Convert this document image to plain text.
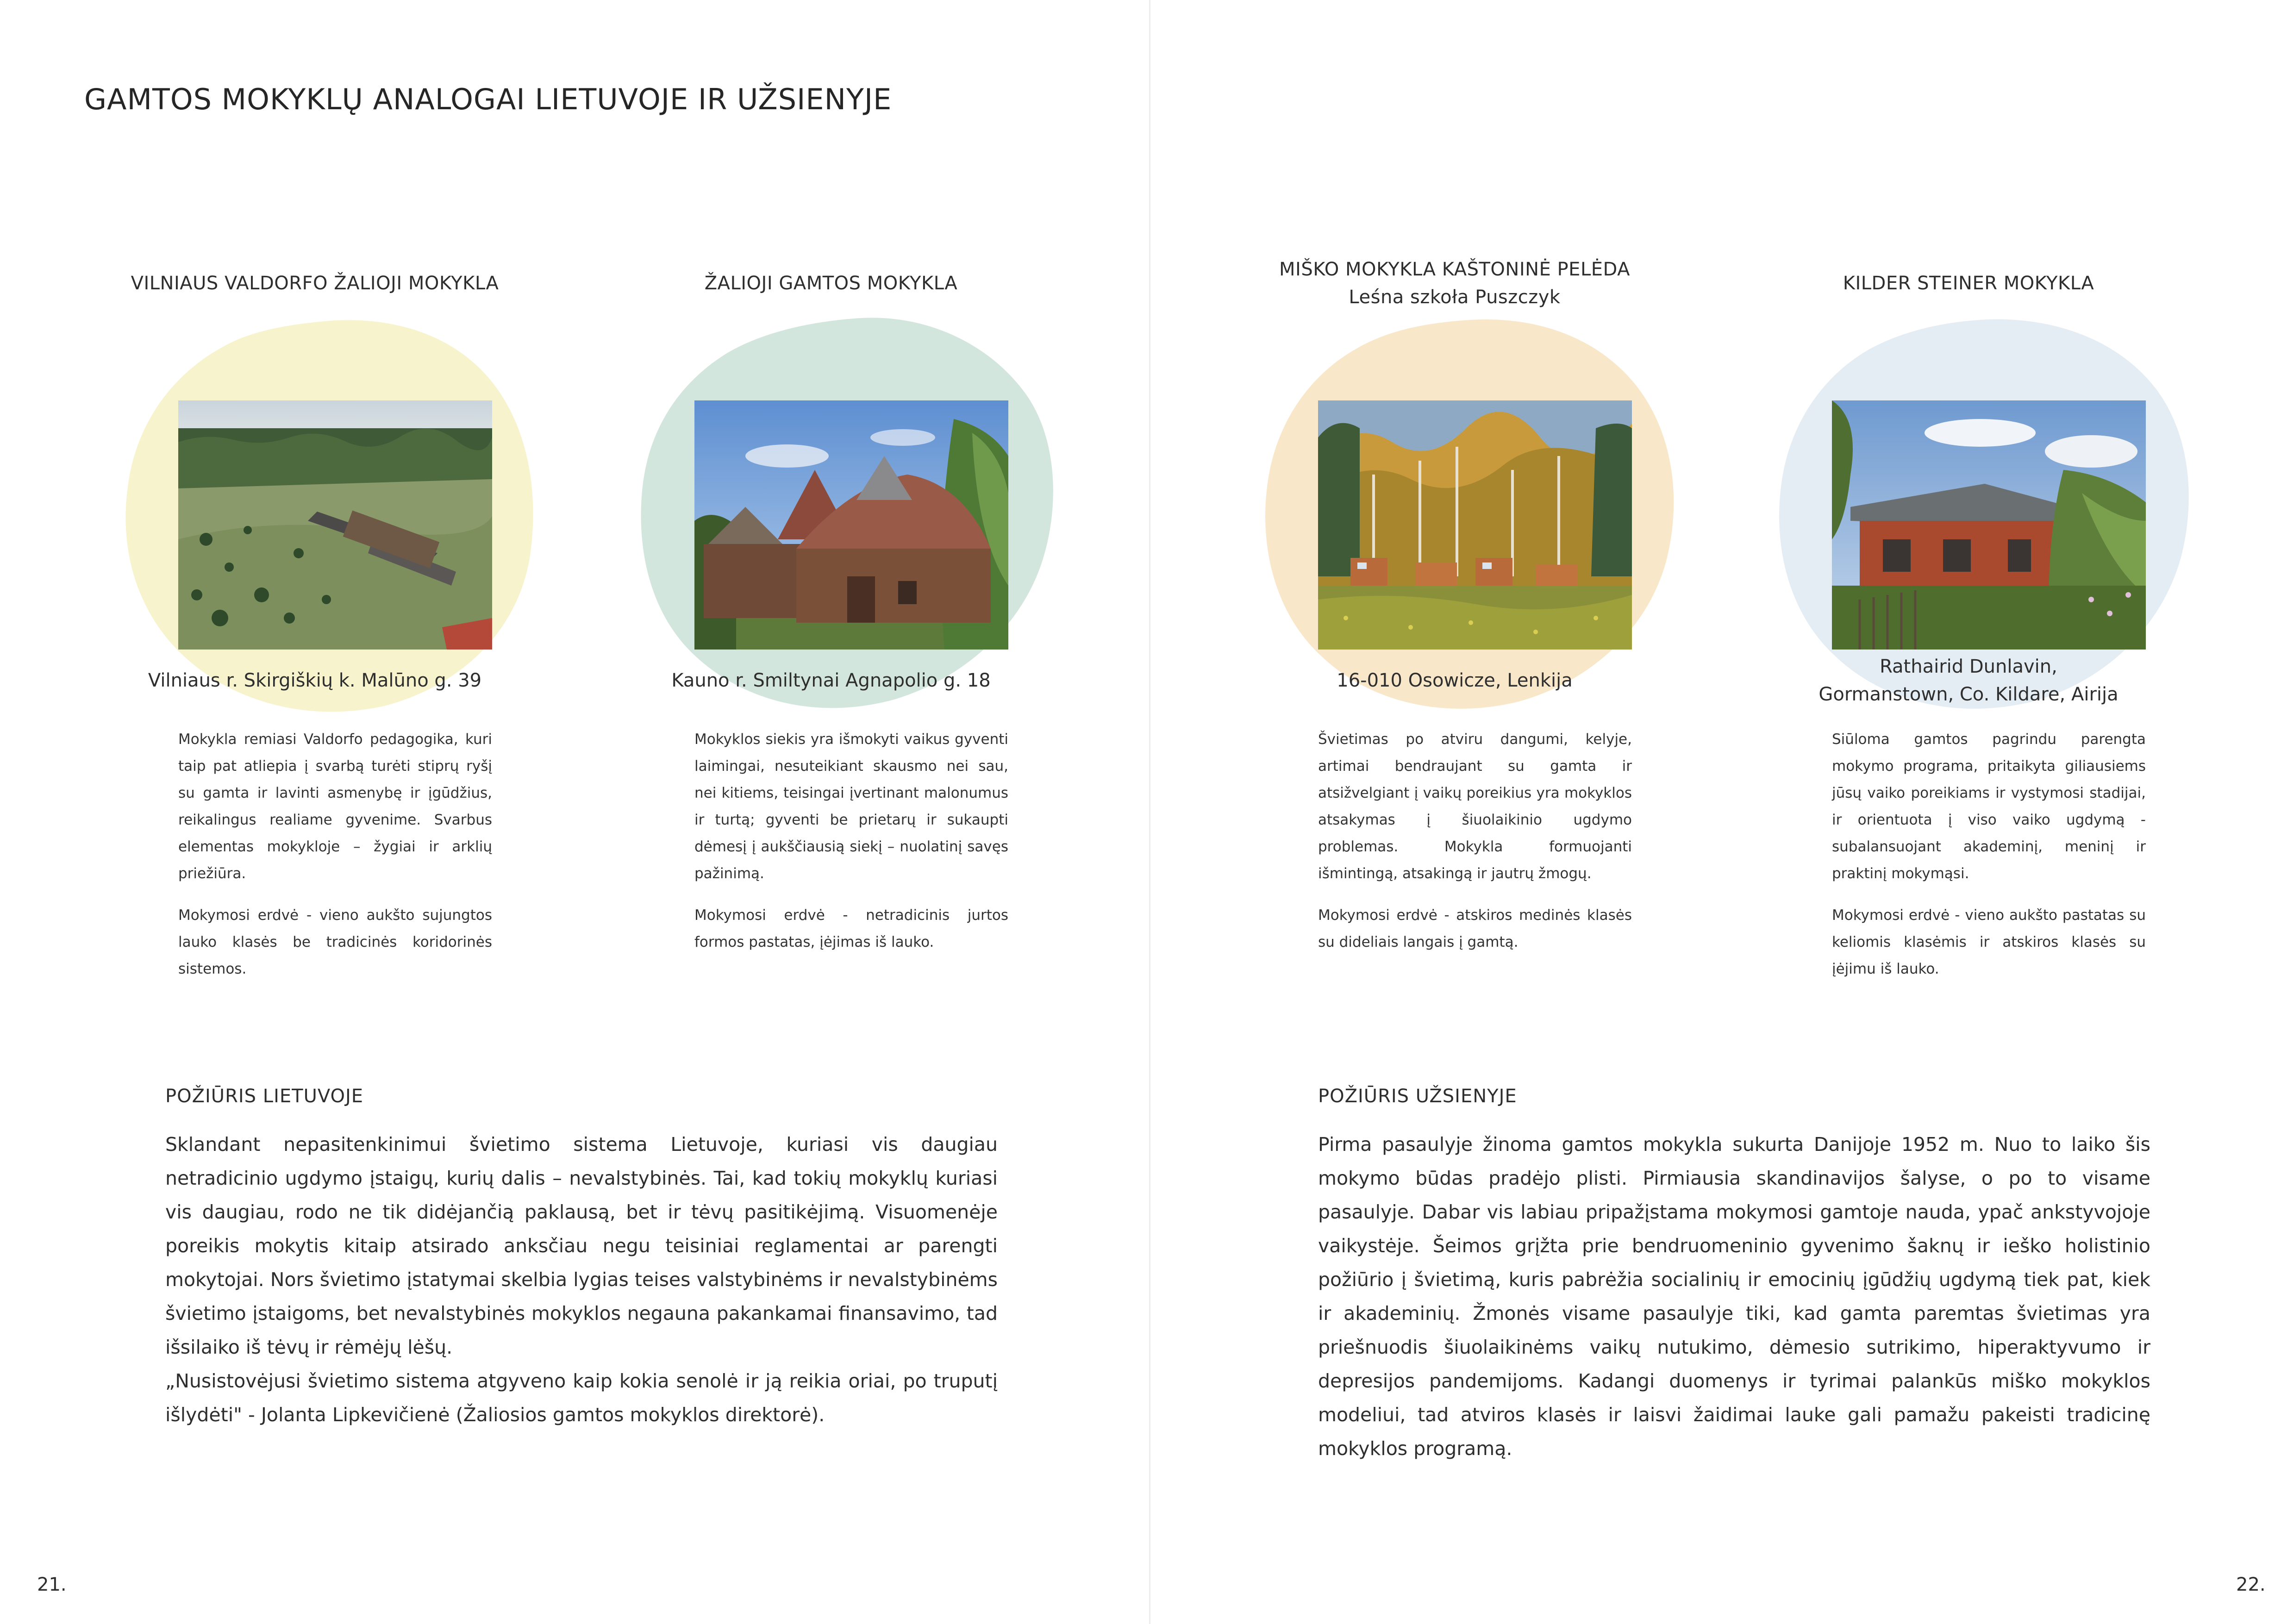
GAMTOS MOKYKLŲ ANALOGAI LIETUVOJE IR UŽSIENYJE
VILNIAUS VALDORFO ŽALIOJI MOKYKLA
Vilniaus r. Skirgiškių k. Malūno g. 39

Mokykla remiasi Valdorfo pedagogika, kuri taip pat atliepia į svarbą turėti stiprų ryšį su gamta ir lavinti asmenybę ir įgūdžius, reikalingus realiame gyvenime. Svarbus elementas mokykloje – žygiai ir arklių priežiūra.

Mokymosi erdvė - vieno aukšto sujungtos lauko klasės be tradicinės koridorinės sistemos.

ŽALIOJI GAMTOS MOKYKLA
Kauno r. Smiltynai Agnapolio g. 18

Mokyklos siekis yra išmokyti vaikus gyventi laimingai, nesuteikiant skausmo nei sau, nei kitiems, teisingai įvertinant malonumus ir turtą; gyventi be prietarų ir sukaupti dėmesį į aukščiausią siekį – nuolatinį savęs pažinimą.

Mokymosi erdvė - netradicinis jurtos formos pastatas, įėjimas iš lauko.

MIŠKO MOKYKLA KAŠTONINĖ PELĖDA
Leśna szkoła Puszczyk
16-010 Osowicze, Lenkija

Švietimas po atviru dangumi, kelyje, artimai bendraujant su gamta ir atsižvelgiant į vaikų poreikius yra mokyklos atsakymas į šiuolaikinio ugdymo problemas. Mokykla formuojanti išmintingą, atsakingą ir jautrų žmogų.

Mokymosi erdvė - atskiros medinės klasės su dideliais langais į gamtą.

KILDER STEINER MOKYKLA
Rathairid Dunlavin,
Gormanstown, Co. Kildare, Airija

Siūloma gamtos pagrindu parengta mokymo programa, pritaikyta giliausiems jūsų vaiko poreikiams ir vystymosi stadijai, ir orientuota į viso vaiko ugdymą - subalansuojant akademinį, meninį ir praktinį mokymąsi.

Mokymosi erdvė - vieno aukšto pastatas su keliomis klasėmis ir atskiros klasės su įėjimu iš lauko.

POŽIŪRIS LIETUVOJE

Sklandant nepasitenkinimui švietimo sistema Lietuvoje, kuriasi vis daugiau netradicinio ugdymo įstaigų, kurių dalis – nevalstybinės. Tai, kad tokių mokyklų kuriasi vis daugiau, rodo ne tik didėjančią paklausą, bet ir tėvų pasitikėjimą. Visuomenėje poreikis mokytis kitaip atsirado anksčiau negu teisiniai reglamentai ar parengti mokytojai. Nors švietimo įstatymai skelbia lygias teises valstybinėms ir nevalstybinėms švietimo įstaigoms, bet nevalstybinės mokyklos negauna pakankamai finansavimo, tad išsilaiko iš tėvų ir rėmėjų lėšų.

„Nusistovėjusi švietimo sistema atgyveno kaip kokia senolė ir ją reikia oriai, po truputį išlydėti" - Jolanta Lipkevičienė (Žaliosios gamtos mokyklos direktorė).

POŽIŪRIS UŽSIENYJE

Pirma pasaulyje žinoma gamtos mokykla sukurta Danijoje 1952 m. Nuo to laiko šis mokymo būdas pradėjo plisti. Pirmiausia skandinavijos šalyse, o po to visame pasaulyje. Dabar vis labiau pripažįstama mokymosi gamtoje nauda, ypač ankstyvojoje vaikystėje. Šeimos grįžta prie bendruomeninio gyvenimo šaknų ir ieško holistinio požiūrio į švietimą, kuris pabrėžia socialinių ir emocinių įgūdžių ugdymą tiek pat, kiek ir akademinių. Žmonės visame pasaulyje tiki, kad gamta paremtas švietimas yra priešnuodis šiuolaikinėms vaikų nutukimo, dėmesio sutrikimo, hiperaktyvumo ir depresijos pandemijoms. Kadangi duomenys ir tyrimai palankūs miško mokyklos modeliui, tad atviros klasės ir laisvi žaidimai lauke gali pamažu pakeisti tradicinę mokyklos programą.

21.	22.
